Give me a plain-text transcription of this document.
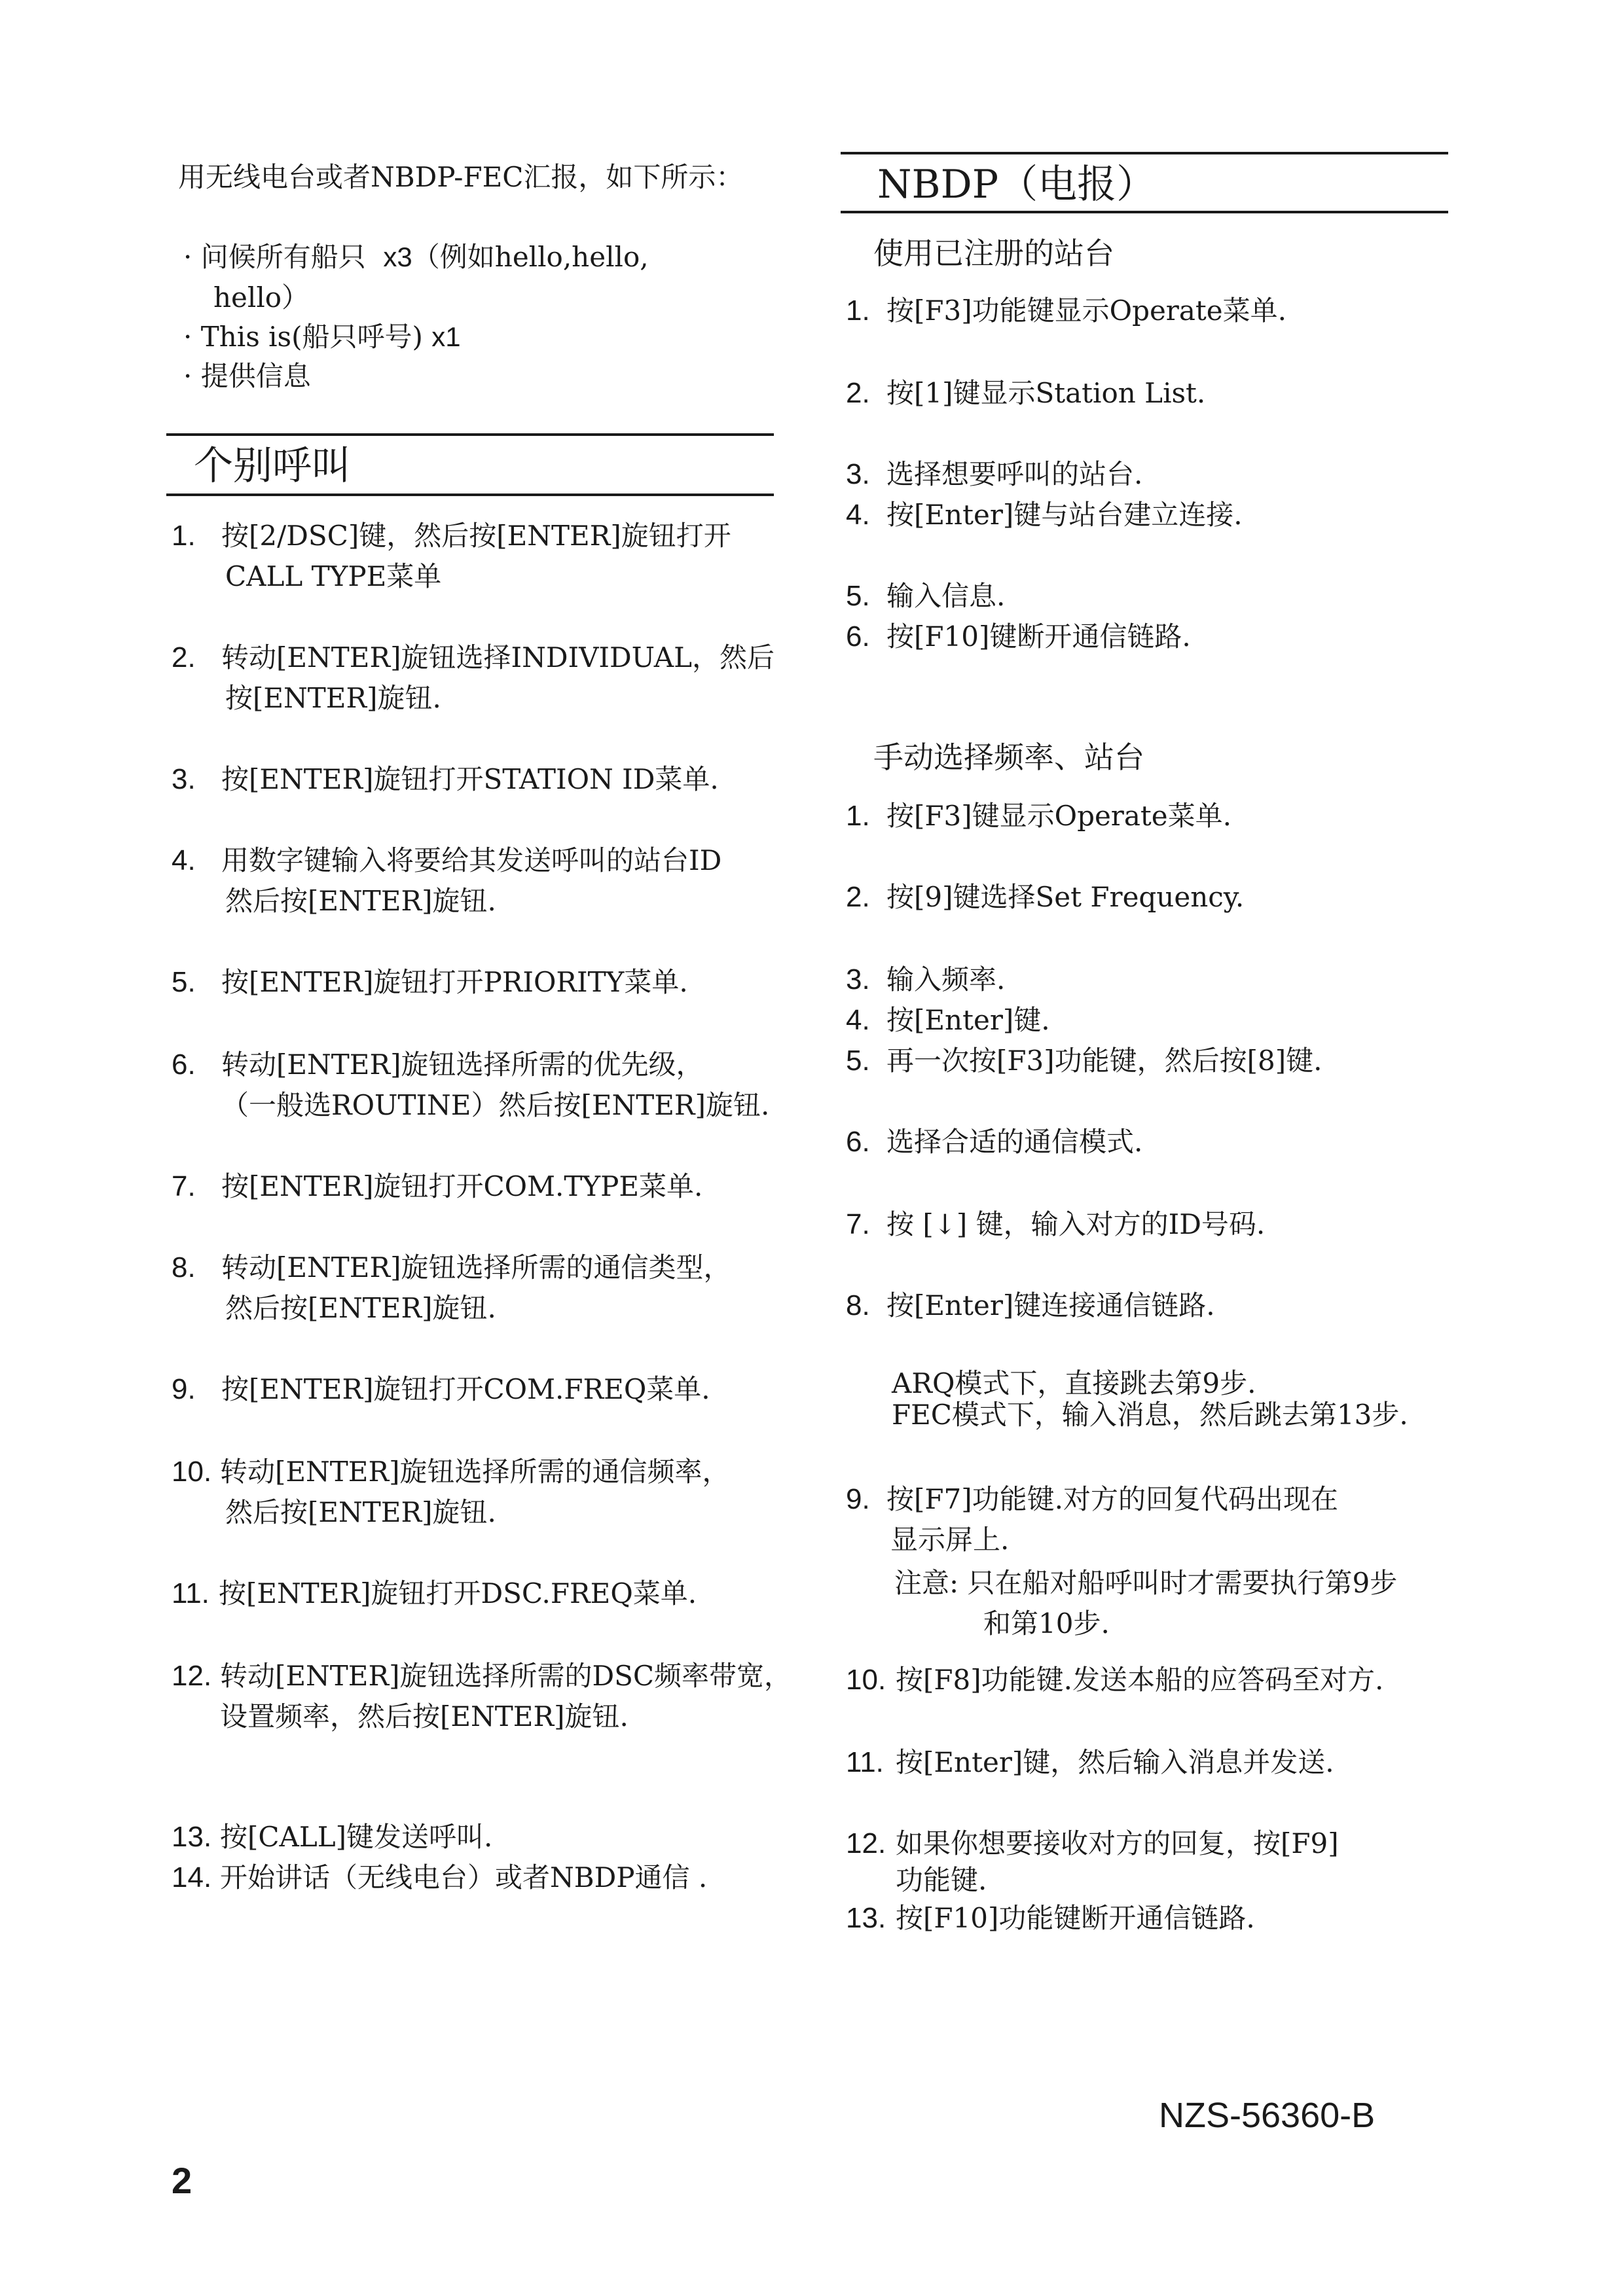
用无线电台或者NBDP-FEC汇报，如下所示：
· 问候所有船只  x3（例如hello,hello,
hello）
· This is(船只呼号) x1
· 提供信息
个别呼叫
1. 按[2/DSC]键，然后按[ENTER]旋钮打开
CALL TYPE菜单
2. 转动[ENTER]旋钮选择INDIVIDUAL，然后
按[ENTER]旋钮.
3. 按[ENTER]旋钮打开STATION ID菜单.
4. 用数字键输入将要给其发送呼叫的站台ID
然后按[ENTER]旋钮.
5. 按[ENTER]旋钮打开PRIORITY菜单.
6. 转动[ENTER]旋钮选择所需的优先级，
（一般选ROUTINE）然后按[ENTER]旋钮.
7. 按[ENTER]旋钮打开COM.TYPE菜单.
8. 转动[ENTER]旋钮选择所需的通信类型，
然后按[ENTER]旋钮.
9. 按[ENTER]旋钮打开COM.FREQ菜单.
10. 转动[ENTER]旋钮选择所需的通信频率，
然后按[ENTER]旋钮.
11. 按[ENTER]旋钮打开DSC.FREQ菜单.
12. 转动[ENTER]旋钮选择所需的DSC频率带宽，
设置频率，然后按[ENTER]旋钮.
13. 按[CALL]键发送呼叫.
14. 开始讲话（无线电台）或者NBDP通信 .
NBDP（电报）
使用已注册的站台
1. 按[F3]功能键显示Operate菜单.
2. 按[1]键显示Station List.
3. 选择想要呼叫的站台.
4. 按[Enter]键与站台建立连接.
5. 输入信息.
6. 按[F10]键断开通信链路.
手动选择频率、站台
1. 按[F3]键显示Operate菜单.
2. 按[9]键选择Set Frequency.
3. 输入频率.
4. 按[Enter]键.
5. 再一次按[F3]功能键，然后按[8]键.
6. 选择合适的通信模式.
7. 按 [↓] 键，输入对方的ID号码.
8. 按[Enter]键连接通信链路.
ARQ模式下，直接跳去第9步.
FEC模式下，输入消息，然后跳去第13步.
9. 按[F7]功能键.对方的回复代码出现在
显示屏上.
注意: 只在船对船呼叫时才需要执行第9步
和第10步.
10. 按[F8]功能键.发送本船的应答码至对方.
11. 按[Enter]键，然后输入消息并发送.
12. 如果你想要接收对方的回复，按[F9]
功能键.
13. 按[F10]功能键断开通信链路.
NZS-56360-B
2
